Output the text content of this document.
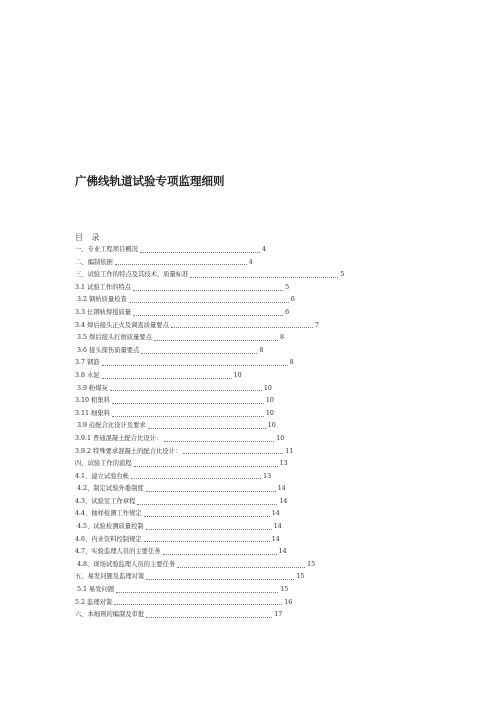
广佛线轨道试验专项监理细则
目 录
一、专业工程项目概况	4
二、编制依据	4
三、试验工作的特点及其技术、质量标准	5
3.1 试验工作的特点	5
3.2 钢轨质量检查	6
3.3 长钢轨焊接质量	6
3.4 焊后接头正火及调直质量要点	7
3.5 焊后接头打磨质量要点	8
3.6 接头探伤质量要点	8
3.7 钢筋	8
3.8 水泥	10
3.9 粉煤灰	10
3.10 粗集料	10
3.11 细集料	10
3.9 砼配合比设计及要求	10
3.9.1 普通混凝土配合比设计：	10
3.9.2 特殊要求混凝土的配合比设计：	11
四、试验工作的流程	13
4.1、建立试验台帐	13
4.2、制定试验外委制度	14
4.3、试验室工作章程	14
4.4、抽样检测工作规定	14
4.5、试验检测质量控制	14
4.6、内业资料控制规定	14
4.7、实验监理人员的主要任务	14
4.8、现场试验监理人员的主要任务	15
五、易发问题及监理对策	15
5.1 易发问题	15
5.2 监理对策	16
六、本细则的编制及审批	17
